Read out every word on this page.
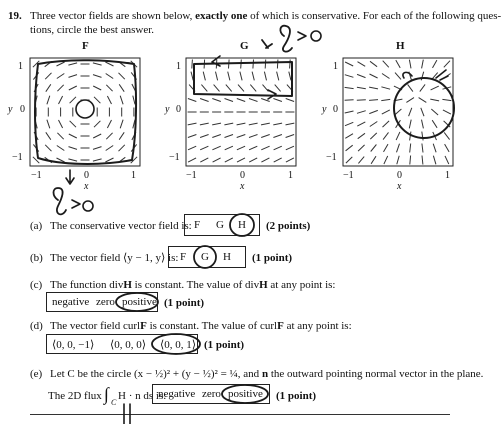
19. Three vector fields are shown below, exactly one of which is conservative. For each of the following ques-
tions, circle the best answer.
F	G	H
1
y 0
−1
−1	0	1
x
1
y 0
−1
−1	0	1
x
1
y 0
−1
−1	0	1
x
(a) The conservative vector field is: F G H (2 points)
(b) The vector field ⟨y − 1, y⟩ is: F G H (1 point)
(c) The function divH is constant. The value of divH at any point is:
negative zero positive (1 point)
(d) The vector field curlF is constant. The value of curlF at any point is:
⟨0, 0, −1⟩ ⟨0, 0, 0⟩ ⟨0, 0, 1⟩ (1 point)
(e) Let C be the circle (x − ½)² + (y − ½)² = ¼, and n the outward pointing normal vector in the plane.
The 2D flux ∫ C
H · n ds is:
negative zero positive (1 point)
